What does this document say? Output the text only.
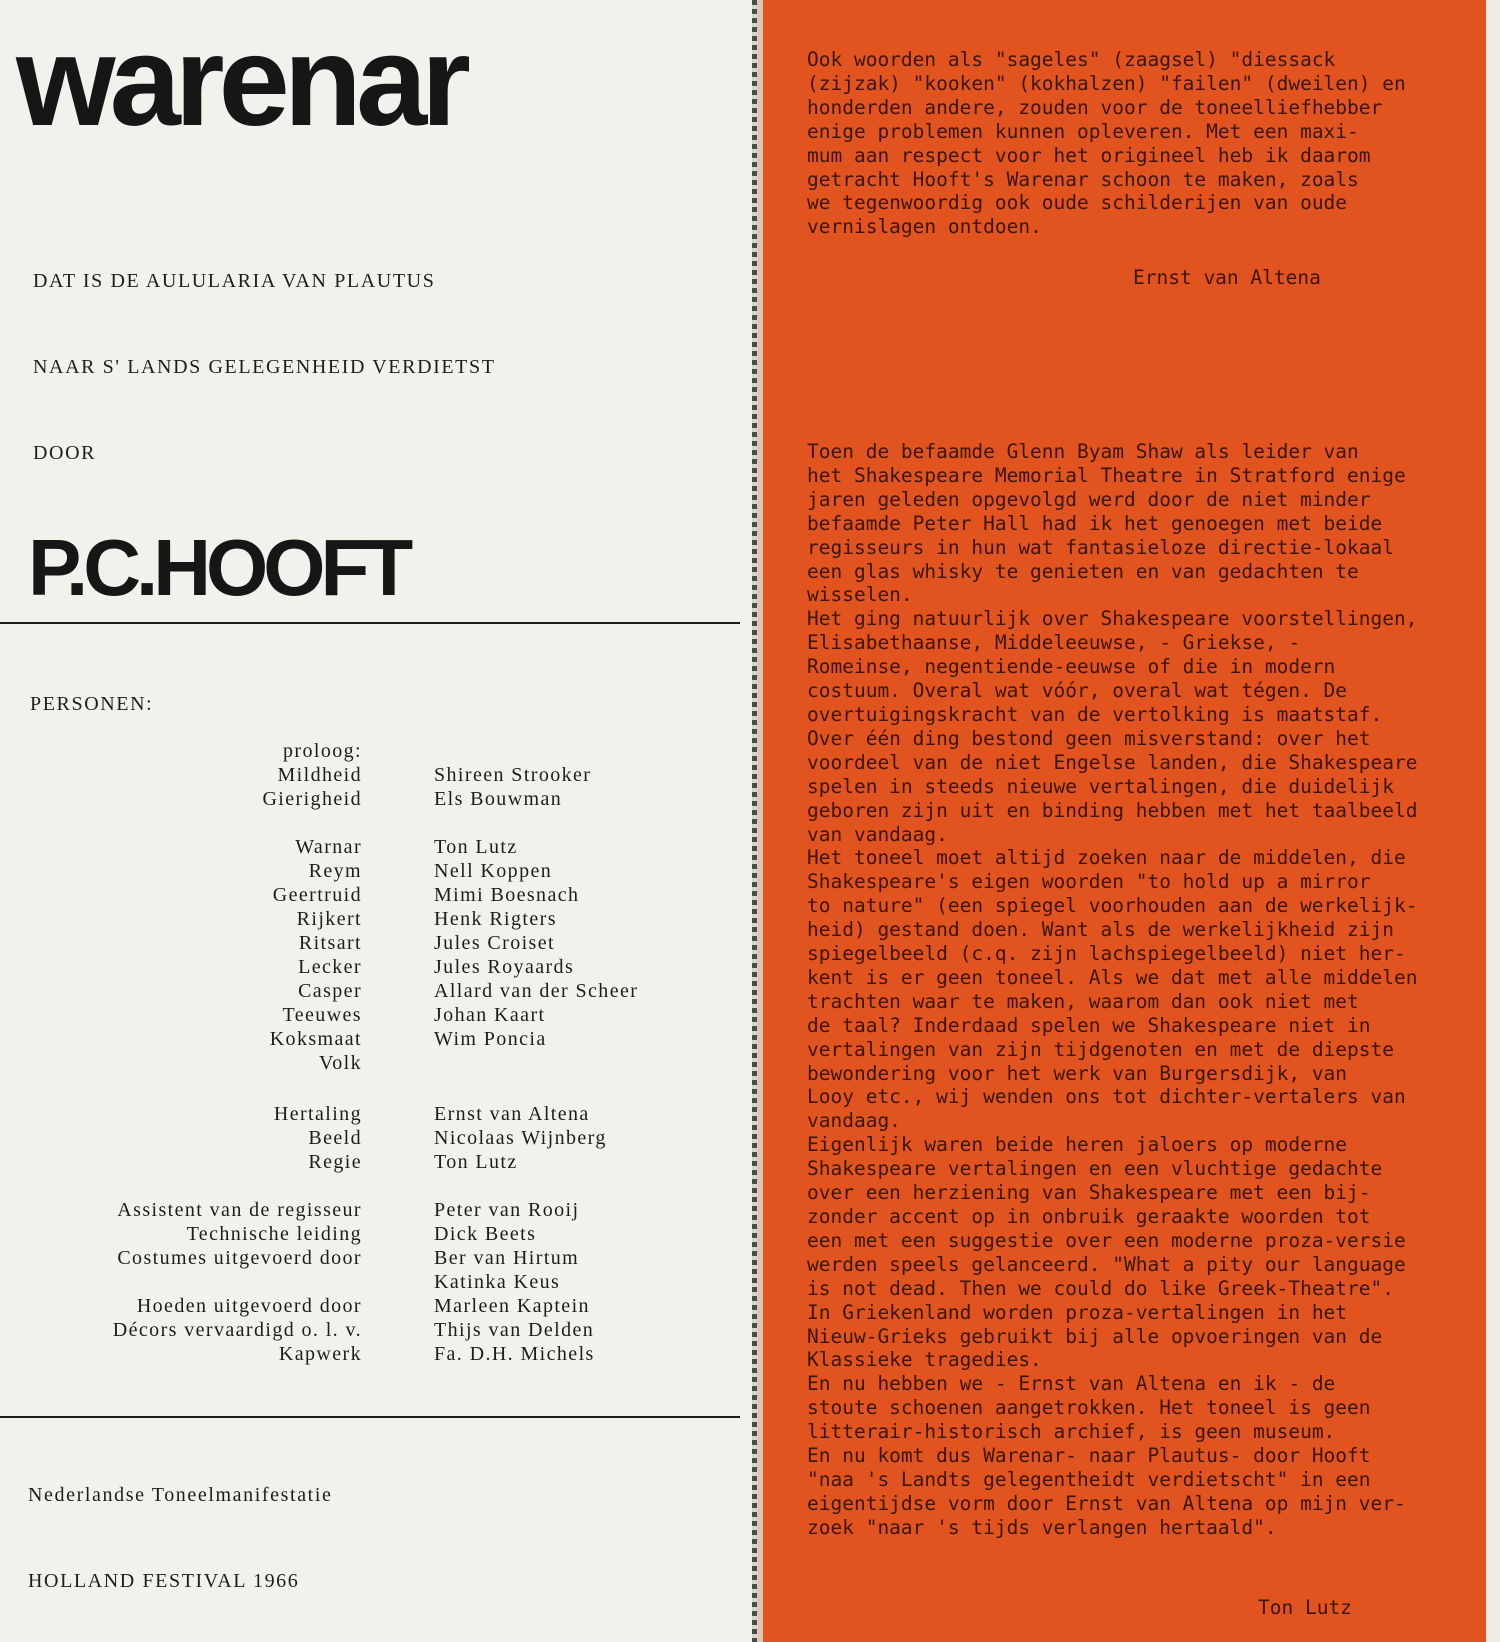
warenar

DAT IS DE AULULARIA VAN PLAUTUS

NAAR S' LANDS GELEGENHEID VERDIETST

DOOR

P.C.HOOFT

PERSONEN:

proloog:
Mildheid	Shireen Strooker
Gierigheid	Els Bouwman
Warnar	Ton Lutz
Reym	Nell Koppen
Geertruid	Mimi Boesnach
Rijkert	Henk Rigters
Ritsart	Jules Croiset
Lecker	Jules Royaards
Casper	Allard van der Scheer
Teeuwes	Johan Kaart
Koksmaat	Wim Poncia
Volk
Hertaling	Ernst van Altena
Beeld	Nicolaas Wijnberg
Regie	Ton Lutz
Assistent van de regisseur	Peter van Rooij
Technische leiding	Dick Beets
Costumes uitgevoerd door	Ber van Hirtum
Katinka Keus
Hoeden uitgevoerd door	Marleen Kaptein
Décors vervaardigd o. l. v.	Thijs van Delden
Kapwerk	Fa. D.H. Michels

Nederlandse Toneelmanifestatie

HOLLAND FESTIVAL 1966

Ook woorden als "sageles" (zaagsel) "diessack
(zijzak) "kooken" (kokhalzen) "failen" (dweilen) en
honderden andere, zouden voor de toneelliefhebber
enige problemen kunnen opleveren. Met een maxi-
mum aan respect voor het origineel heb ik daarom
getracht Hooft's Warenar schoon te maken, zoals
we tegenwoordig ook oude schilderijen van oude
vernislagen ontdoen.

Ernst van Altena

Toen de befaamde Glenn Byam Shaw als leider van
het Shakespeare Memorial Theatre in Stratford enige
jaren geleden opgevolgd werd door de niet minder
befaamde Peter Hall had ik het genoegen met beide
regisseurs in hun wat fantasieloze directie-lokaal
een glas whisky te genieten en van gedachten te
wisselen.
Het ging natuurlijk over Shakespeare voorstellingen,
Elisabethaanse, Middeleeuwse, - Griekse, -
Romeinse, negentiende-eeuwse of die in modern
costuum. Overal wat vóór, overal wat tégen. De
overtuigingskracht van de vertolking is maatstaf.
Over één ding bestond geen misverstand: over het
voordeel van de niet Engelse landen, die Shakespeare
spelen in steeds nieuwe vertalingen, die duidelijk
geboren zijn uit en binding hebben met het taalbeeld
van vandaag.
Het toneel moet altijd zoeken naar de middelen, die
Shakespeare's eigen woorden "to hold up a mirror
to nature" (een spiegel voorhouden aan de werkelijk-
heid) gestand doen. Want als de werkelijkheid zijn
spiegelbeeld (c.q. zijn lachspiegelbeeld) niet her-
kent is er geen toneel. Als we dat met alle middelen
trachten waar te maken, waarom dan ook niet met
de taal? Inderdaad spelen we Shakespeare niet in
vertalingen van zijn tijdgenoten en met de diepste
bewondering voor het werk van Burgersdijk, van
Looy etc., wij wenden ons tot dichter-vertalers van
vandaag.
Eigenlijk waren beide heren jaloers op moderne
Shakespeare vertalingen en een vluchtige gedachte
over een herziening van Shakespeare met een bij-
zonder accent op in onbruik geraakte woorden tot
een met een suggestie over een moderne proza-versie
werden speels gelanceerd. "What a pity our language
is not dead. Then we could do like Greek-Theatre".
In Griekenland worden proza-vertalingen in het
Nieuw-Grieks gebruikt bij alle opvoeringen van de
Klassieke tragedies.
En nu hebben we - Ernst van Altena en ik - de
stoute schoenen aangetrokken. Het toneel is geen
litterair-historisch archief, is geen museum.
En nu komt dus Warenar- naar Plautus- door Hooft
"naa 's Landts gelegentheidt verdietscht" in een
eigentijdse vorm door Ernst van Altena op mijn ver-
zoek "naar 's tijds verlangen hertaald".

Ton Lutz
